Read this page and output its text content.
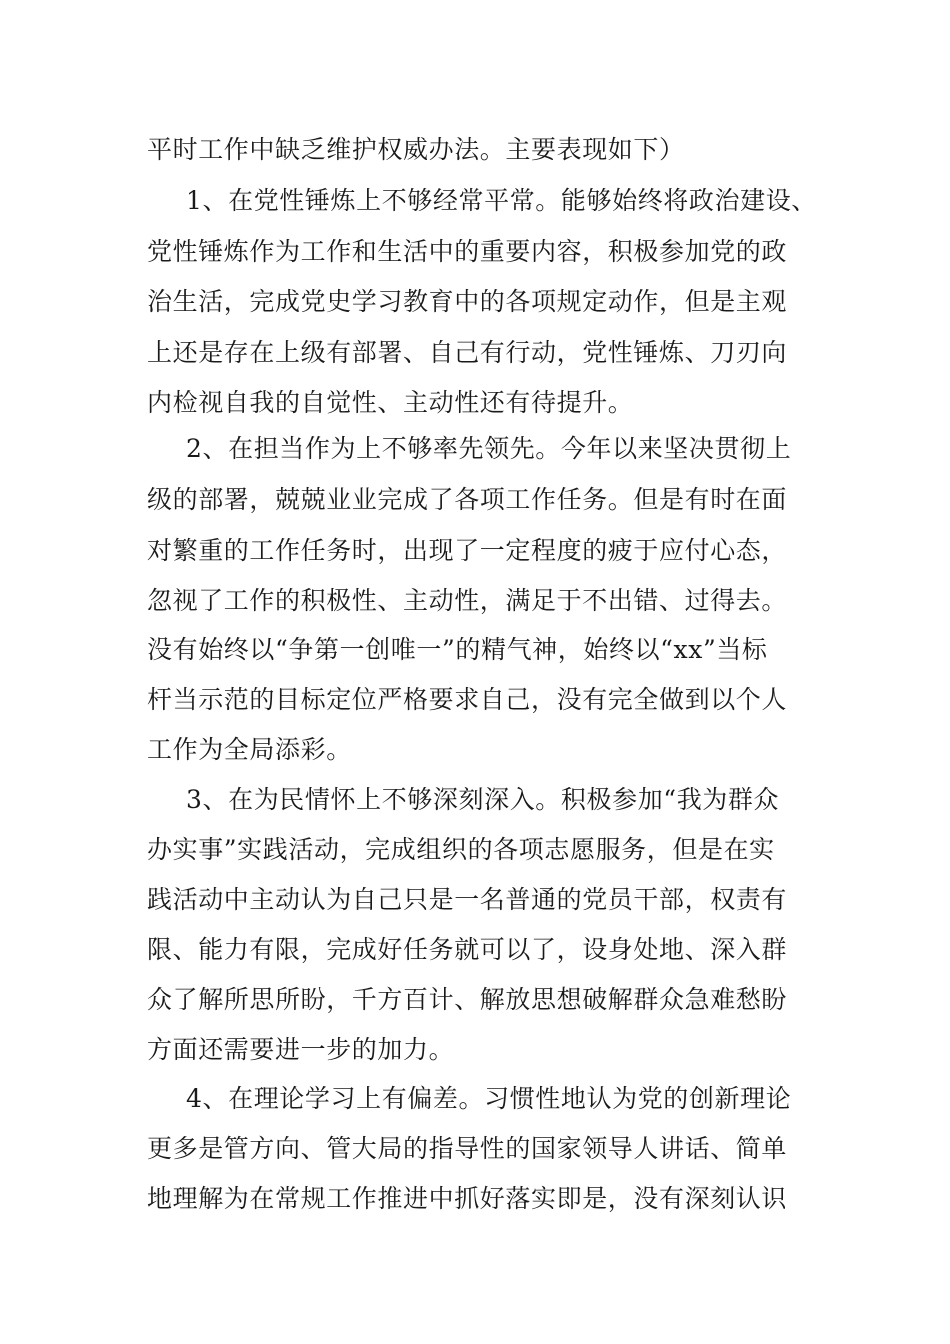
平时工作中缺乏维护权威办法。主要表现如下）
1、在党性锤炼上不够经常平常。能够始终将政治建设、
党性锤炼作为工作和生活中的重要内容，积极参加党的政
治生活，完成党史学习教育中的各项规定动作，但是主观
上还是存在上级有部署、自己有行动，党性锤炼、刀刃向
内检视自我的自觉性、主动性还有待提升。
2、在担当作为上不够率先领先。今年以来坚决贯彻上
级的部署，兢兢业业完成了各项工作任务。但是有时在面
对繁重的工作任务时，出现了一定程度的疲于应付心态，
忽视了工作的积极性、主动性，满足于不出错、过得去。
没有始终以“争第一创唯一”的精气神，始终以“xx”当标
杆当示范的目标定位严格要求自己，没有完全做到以个人
工作为全局添彩。
3、在为民情怀上不够深刻深入。积极参加“我为群众
办实事”实践活动，完成组织的各项志愿服务，但是在实
践活动中主动认为自己只是一名普通的党员干部，权责有
限、能力有限，完成好任务就可以了，设身处地、深入群
众了解所思所盼，千方百计、解放思想破解群众急难愁盼
方面还需要进一步的加力。
4、在理论学习上有偏差。习惯性地认为党的创新理论
更多是管方向、管大局的指导性的国家领导人讲话、简单
地理解为在常规工作推进中抓好落实即是，没有深刻认识
